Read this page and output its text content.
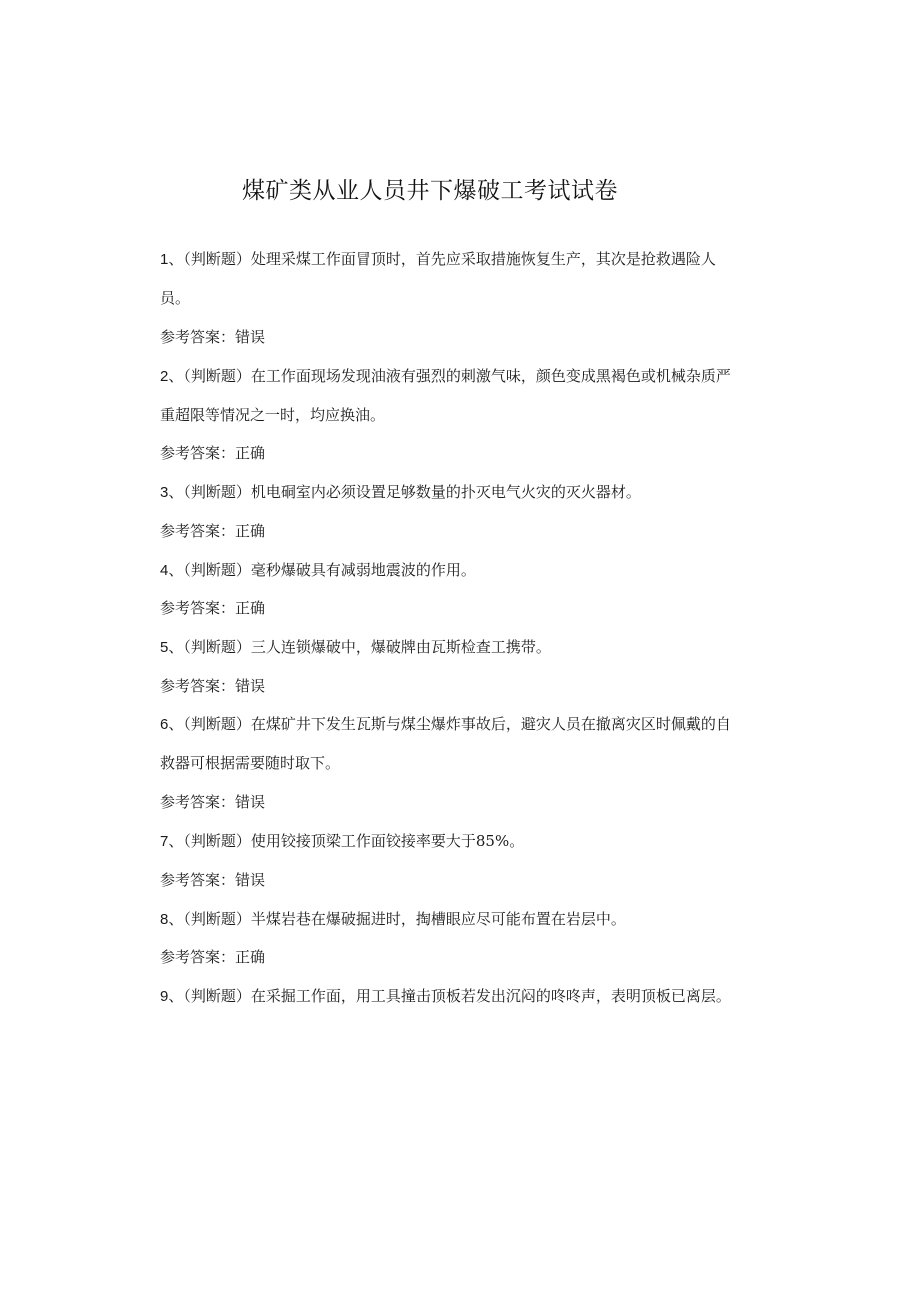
煤矿类从业人员井下爆破工考试试卷
1、（判断题）处理采煤工作面冒顶时，首先应采取措施恢复生产，其次是抢救遇险人
员。
参考答案：错误
2、（判断题）在工作面现场发现油液有强烈的刺激气味，颜色变成黑褐色或机械杂质严
重超限等情况之一时，均应换油。
参考答案：正确
3、（判断题）机电硐室内必须设置足够数量的扑灭电气火灾的灭火器材。
参考答案：正确
4、（判断题）毫秒爆破具有减弱地震波的作用。
参考答案：正确
5、（判断题）三人连锁爆破中，爆破牌由瓦斯检查工携带。
参考答案：错误
6、（判断题）在煤矿井下发生瓦斯与煤尘爆炸事故后，避灾人员在撤离灾区时佩戴的自
救器可根据需要随时取下。
参考答案：错误
7、（判断题）使用铰接顶梁工作面铰接率要大于85%。
参考答案：错误
8、（判断题）半煤岩巷在爆破掘进时，掏槽眼应尽可能布置在岩层中。
参考答案：正确
9、（判断题）在采掘工作面，用工具撞击顶板若发出沉闷的咚咚声，表明顶板已离层。
